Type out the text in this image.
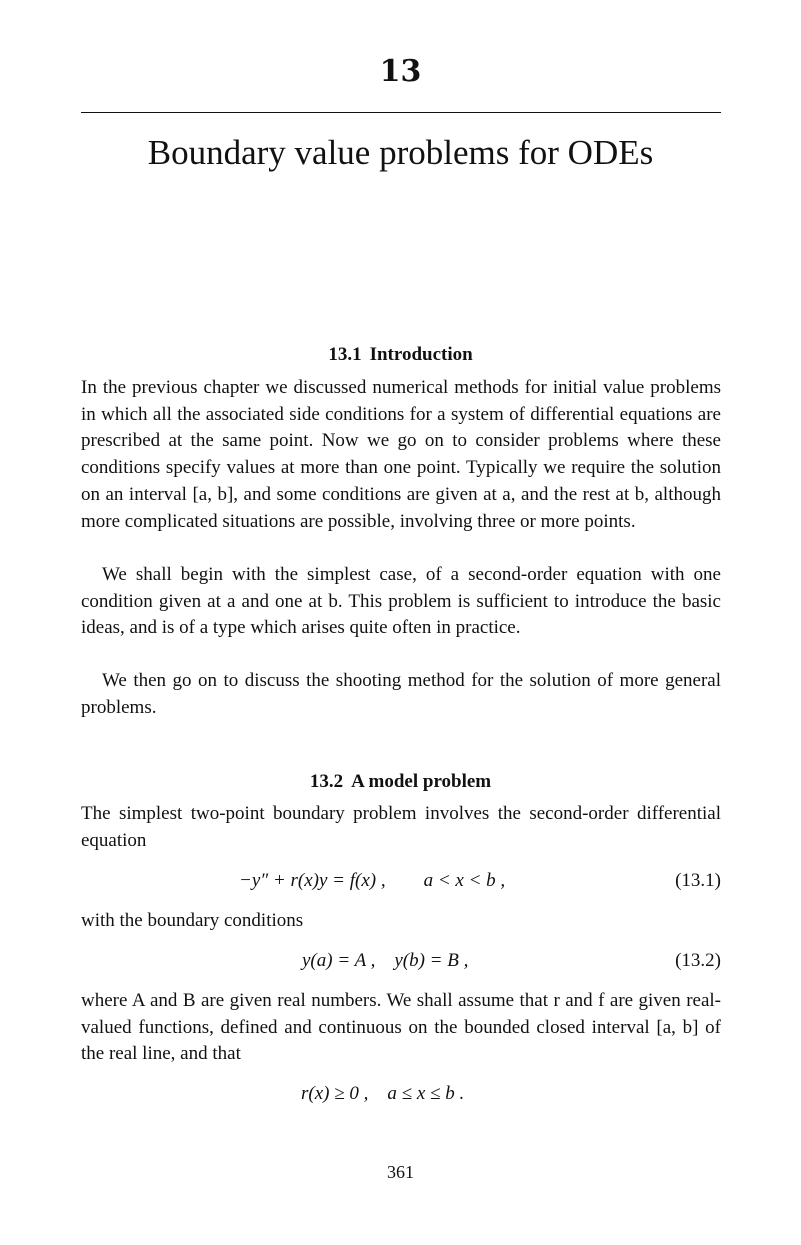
13
Boundary value problems for ODEs
13.1 Introduction

In the previous chapter we discussed numerical methods for initial value problems in which all the associated side conditions for a system of differential equations are prescribed at the same point. Now we go on to consider problems where these conditions specify values at more than one point. Typically we require the solution on an interval [a, b], and some conditions are given at a, and the rest at b, although more complicated situations are possible, involving three or more points.

We shall begin with the simplest case, of a second-order equation with one condition given at a and one at b. This problem is sufficient to introduce the basic ideas, and is of a type which arises quite often in practice.

We then go on to discuss the shooting method for the solution of more general problems.

13.2 A model problem

The simplest two-point boundary problem involves the second-order differential equation

−y″ + r(x)y = f(x) ,        a < x < b ,	(13.1)

with the boundary conditions

y(a) = A ,    y(b) = B ,	(13.2)

where A and B are given real numbers. We shall assume that r and f are given real-valued functions, defined and continuous on the bounded closed interval [a, b] of the real line, and that

r(x) ≥ 0 ,    a ≤ x ≤ b .
361
